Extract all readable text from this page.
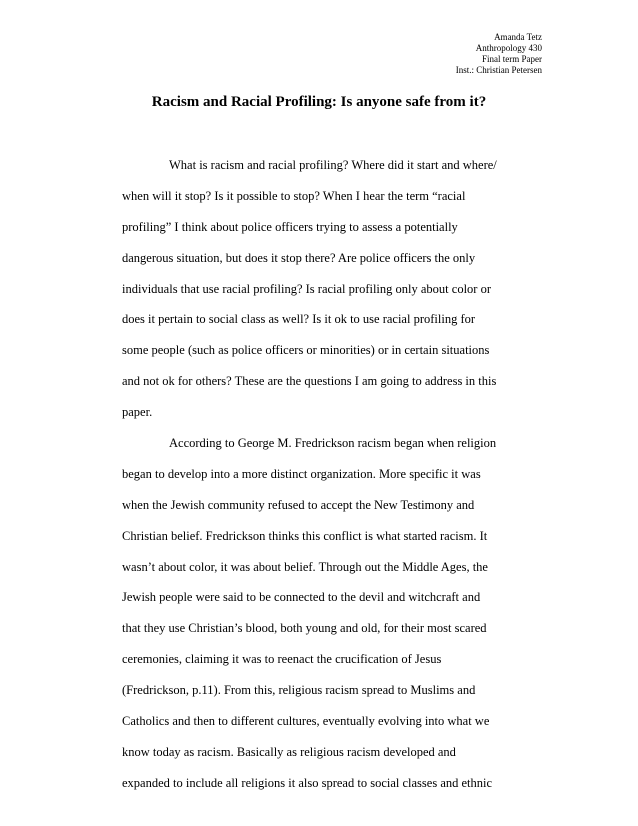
Amanda Tetz
Anthropology 430
Final term Paper
Inst.: Christian Petersen
Racism and Racial Profiling: Is anyone safe from it?
What is racism and racial profiling? Where did it start and where/
when will it stop? Is it possible to stop? When I hear the term “racial
profiling” I think about police officers trying to assess a potentially
dangerous situation, but does it stop there? Are police officers the only
individuals that use racial profiling? Is racial profiling only about color or
does it pertain to social class as well? Is it ok to use racial profiling for
some people (such as police officers or minorities) or in certain situations
and not ok for others? These are the questions I am going to address in this
paper.
According to George M. Fredrickson racism began when religion
began to develop into a more distinct organization. More specific it was
when the Jewish community refused to accept the New Testimony and
Christian belief. Fredrickson thinks this conflict is what started racism. It
wasn’t about color, it was about belief. Through out the Middle Ages, the
Jewish people were said to be connected to the devil and witchcraft and
that they use Christian’s blood, both young and old, for their most scared
ceremonies, claiming it was to reenact the crucification of Jesus
(Fredrickson, p.11). From this, religious racism spread to Muslims and
Catholics and then to different cultures, eventually evolving into what we
know today as racism. Basically as religious racism developed and
expanded to include all religions it also spread to social classes and ethnic
